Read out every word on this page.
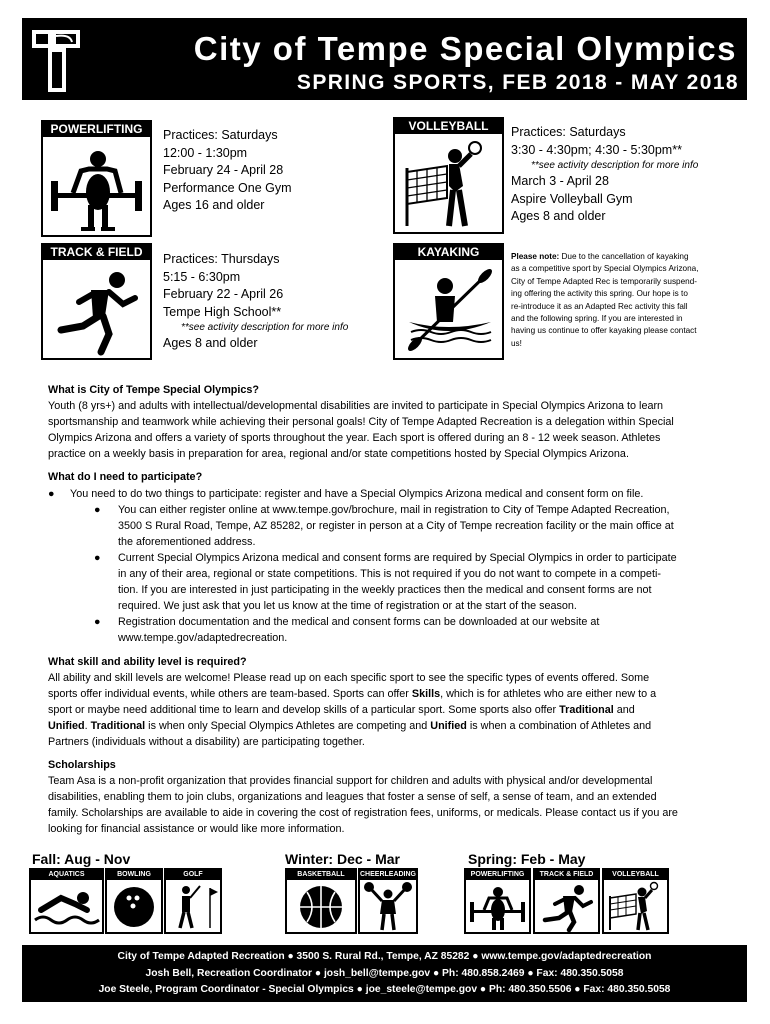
City of Tempe Special Olympics
SPRING SPORTS, FEB 2018 - MAY 2018
POWERLIFTING	Practices: Saturdays
12:00 - 1:30pm
February 24 - April 28
Performance One Gym
Ages 16 and older
VOLLEYBALL	Practices: Saturdays
3:30 - 4:30pm; 4:30 - 5:30pm**
**see activity description for more info
March 3 - April 28
Aspire Volleyball Gym
Ages 8 and older
TRACK & FIELD	Practices: Thursdays
5:15 - 6:30pm
February 22 - April 26
Tempe High School**
**see activity description for more info
Ages 8 and older
KAYAKING	Please note: Due to the cancellation of kayaking
as a competitive sport by Special Olympics Arizona,
City of Tempe Adapted Rec is temporarily suspend-
ing offering the activity this spring. Our hope is to
re-introduce it as an Adapted Rec activity this fall
and the following spring. If you are interested in
having us continue to offer kayaking please contact
us!
What is City of Tempe Special Olympics?
Youth (8 yrs+) and adults with intellectual/developmental disabilities are invited to participate in Special Olympics Arizona to learn
sportsmanship and teamwork while achieving their personal goals! City of Tempe Adapted Recreation is a delegation within Special
Olympics Arizona and offers a variety of sports throughout the year. Each sport is offered during an 8 - 12 week season. Athletes
practice on a weekly basis in preparation for area, regional and/or state competitions hosted by Special Olympics Arizona.
What do I need to participate?
● You need to do two things to participate: register and have a Special Olympics Arizona medical and consent form on file.
● You can either register online at www.tempe.gov/brochure, mail in registration to City of Tempe Adapted Recreation,
3500 S Rural Road, Tempe, AZ 85282, or register in person at a City of Tempe recreation facility or the main office at
the aforementioned address.
● Current Special Olympics Arizona medical and consent forms are required by Special Olympics in order to participate
in any of their area, regional or state competitions. This is not required if you do not want to compete in a competi-
tion. If you are interested in just participating in the weekly practices then the medical and consent forms are not
required. We just ask that you let us know at the time of registration or at the start of the season.
● Registration documentation and the medical and consent forms can be downloaded at our website at
www.tempe.gov/adaptedrecreation.
What skill and ability level is required?
All ability and skill levels are welcome! Please read up on each specific sport to see the specific types of events offered. Some
sports offer individual events, while others are team-based. Sports can offer Skills, which is for athletes who are either new to a
sport or maybe need additional time to learn and develop skills of a particular sport. Some sports also offer Traditional and
Unified. Traditional is when only Special Olympics Athletes are competing and Unified is when a combination of Athletes and
Partners (individuals without a disability) are participating together.
Scholarships
Team Asa is a non-profit organization that provides financial support for children and adults with physical and/or developmental
disabilities, enabling them to join clubs, organizations and leagues that foster a sense of self, a sense of team, and an extended
family. Scholarships are available to aide in covering the cost of registration fees, uniforms, or medicals. Please contact us if you are
looking for financial assistance or would like more information.
Fall: Aug - Nov	Winter: Dec - Mar	Spring: Feb - May
AQUATICS	BOWLING	GOLF	BASKETBALL	CHEERLEADING	POWERLIFTING	TRACK & FIELD	VOLLEYBALL
City of Tempe Adapted Recreation ● 3500 S. Rural Rd., Tempe, AZ 85282 ● www.tempe.gov/adaptedrecreation
Josh Bell, Recreation Coordinator ● josh_bell@tempe.gov ● Ph: 480.858.2469 ● Fax: 480.350.5058
Joe Steele, Program Coordinator - Special Olympics ● joe_steele@tempe.gov ● Ph: 480.350.5506 ● Fax: 480.350.5058
